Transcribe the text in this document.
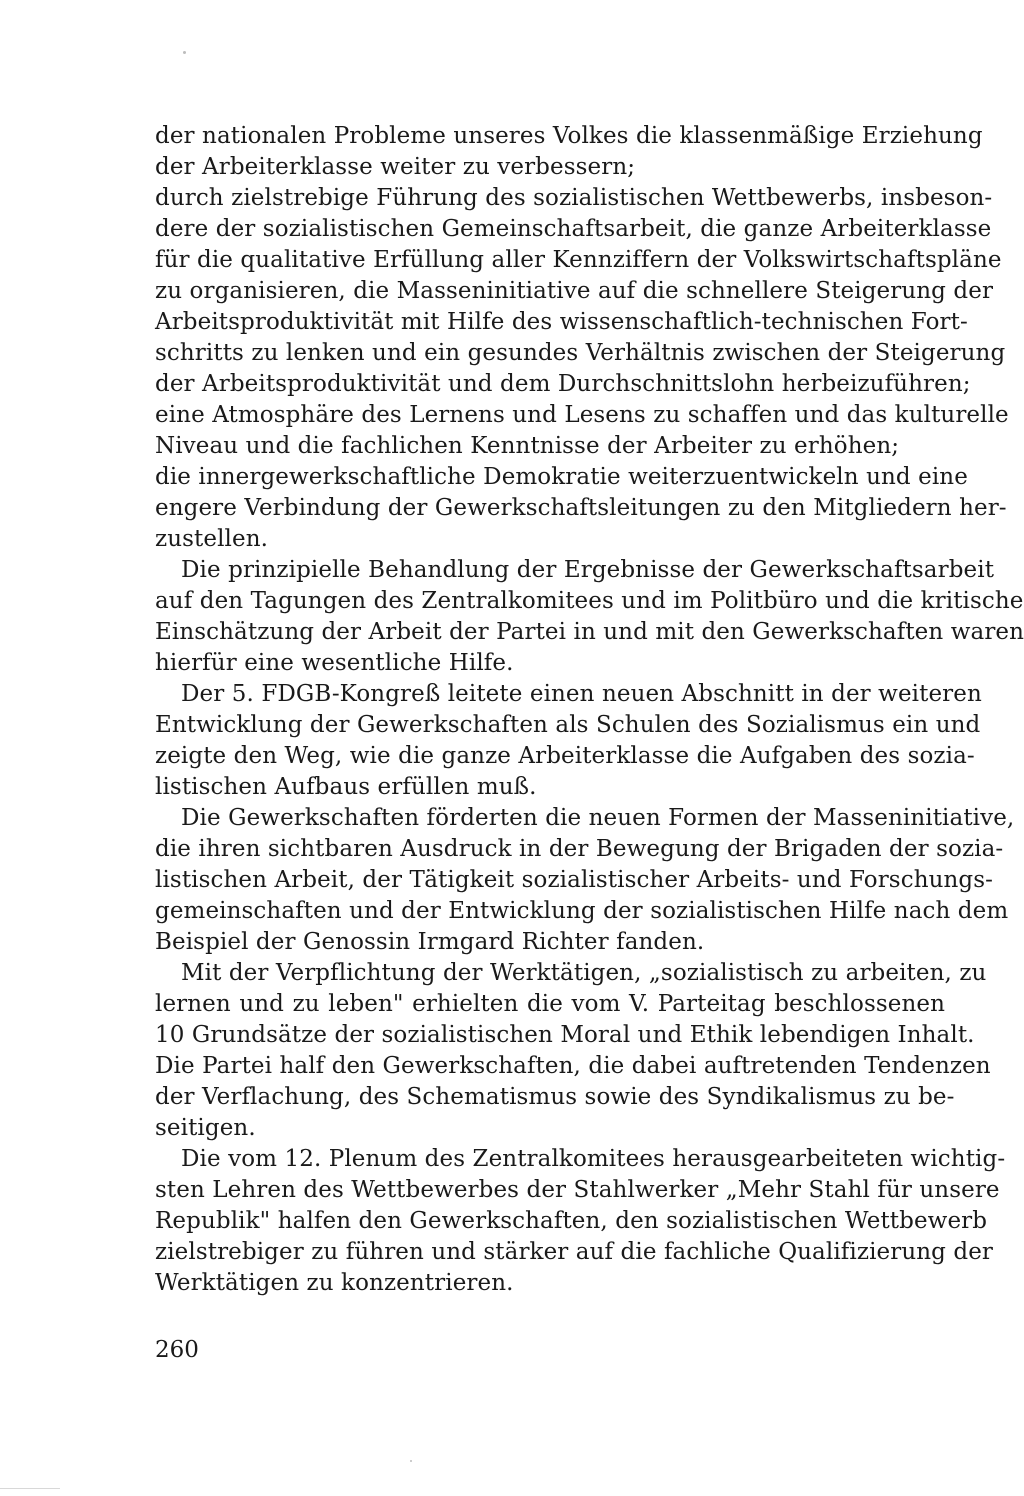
der nationalen Probleme unseres Volkes die klassenmäßige Erziehung
der Arbeiterklasse weiter zu verbessern;
durch zielstrebige Führung des sozialistischen Wettbewerbs, insbeson-
dere der sozialistischen Gemeinschaftsarbeit, die ganze Arbeiterklasse
für die qualitative Erfüllung aller Kennziffern der Volkswirtschaftspläne
zu organisieren, die Masseninitiative auf die schnellere Steigerung der
Arbeitsproduktivität mit Hilfe des wissenschaftlich-technischen Fort-
schritts zu lenken und ein gesundes Verhältnis zwischen der Steigerung
der Arbeitsproduktivität und dem Durchschnittslohn herbeizuführen;
eine Atmosphäre des Lernens und Lesens zu schaffen und das kulturelle
Niveau und die fachlichen Kenntnisse der Arbeiter zu erhöhen;
die innergewerkschaftliche Demokratie weiterzuentwickeln und eine
engere Verbindung der Gewerkschaftsleitungen zu den Mitgliedern her-
zustellen.
Die prinzipielle Behandlung der Ergebnisse der Gewerkschaftsarbeit
auf den Tagungen des Zentralkomitees und im Politbüro und die kritische
Einschätzung der Arbeit der Partei in und mit den Gewerkschaften waren
hierfür eine wesentliche Hilfe.
Der 5. FDGB-Kongreß leitete einen neuen Abschnitt in der weiteren
Entwicklung der Gewerkschaften als Schulen des Sozialismus ein und
zeigte den Weg, wie die ganze Arbeiterklasse die Aufgaben des sozia-
listischen Aufbaus erfüllen muß.
Die Gewerkschaften förderten die neuen Formen der Masseninitiative,
die ihren sichtbaren Ausdruck in der Bewegung der Brigaden der sozia-
listischen Arbeit, der Tätigkeit sozialistischer Arbeits- und Forschungs-
gemeinschaften und der Entwicklung der sozialistischen Hilfe nach dem
Beispiel der Genossin Irmgard Richter fanden.
Mit der Verpflichtung der Werktätigen, „sozialistisch zu arbeiten, zu
lernen und zu leben" erhielten die vom V. Parteitag beschlossenen
10 Grundsätze der sozialistischen Moral und Ethik lebendigen Inhalt.
Die Partei half den Gewerkschaften, die dabei auftretenden Tendenzen
der Verflachung, des Schematismus sowie des Syndikalismus zu be-
seitigen.
Die vom 12. Plenum des Zentralkomitees herausgearbeiteten wichtig-
sten Lehren des Wettbewerbes der Stahlwerker „Mehr Stahl für unsere
Republik" halfen den Gewerkschaften, den sozialistischen Wettbewerb
zielstrebiger zu führen und stärker auf die fachliche Qualifizierung der
Werktätigen zu konzentrieren.
260
